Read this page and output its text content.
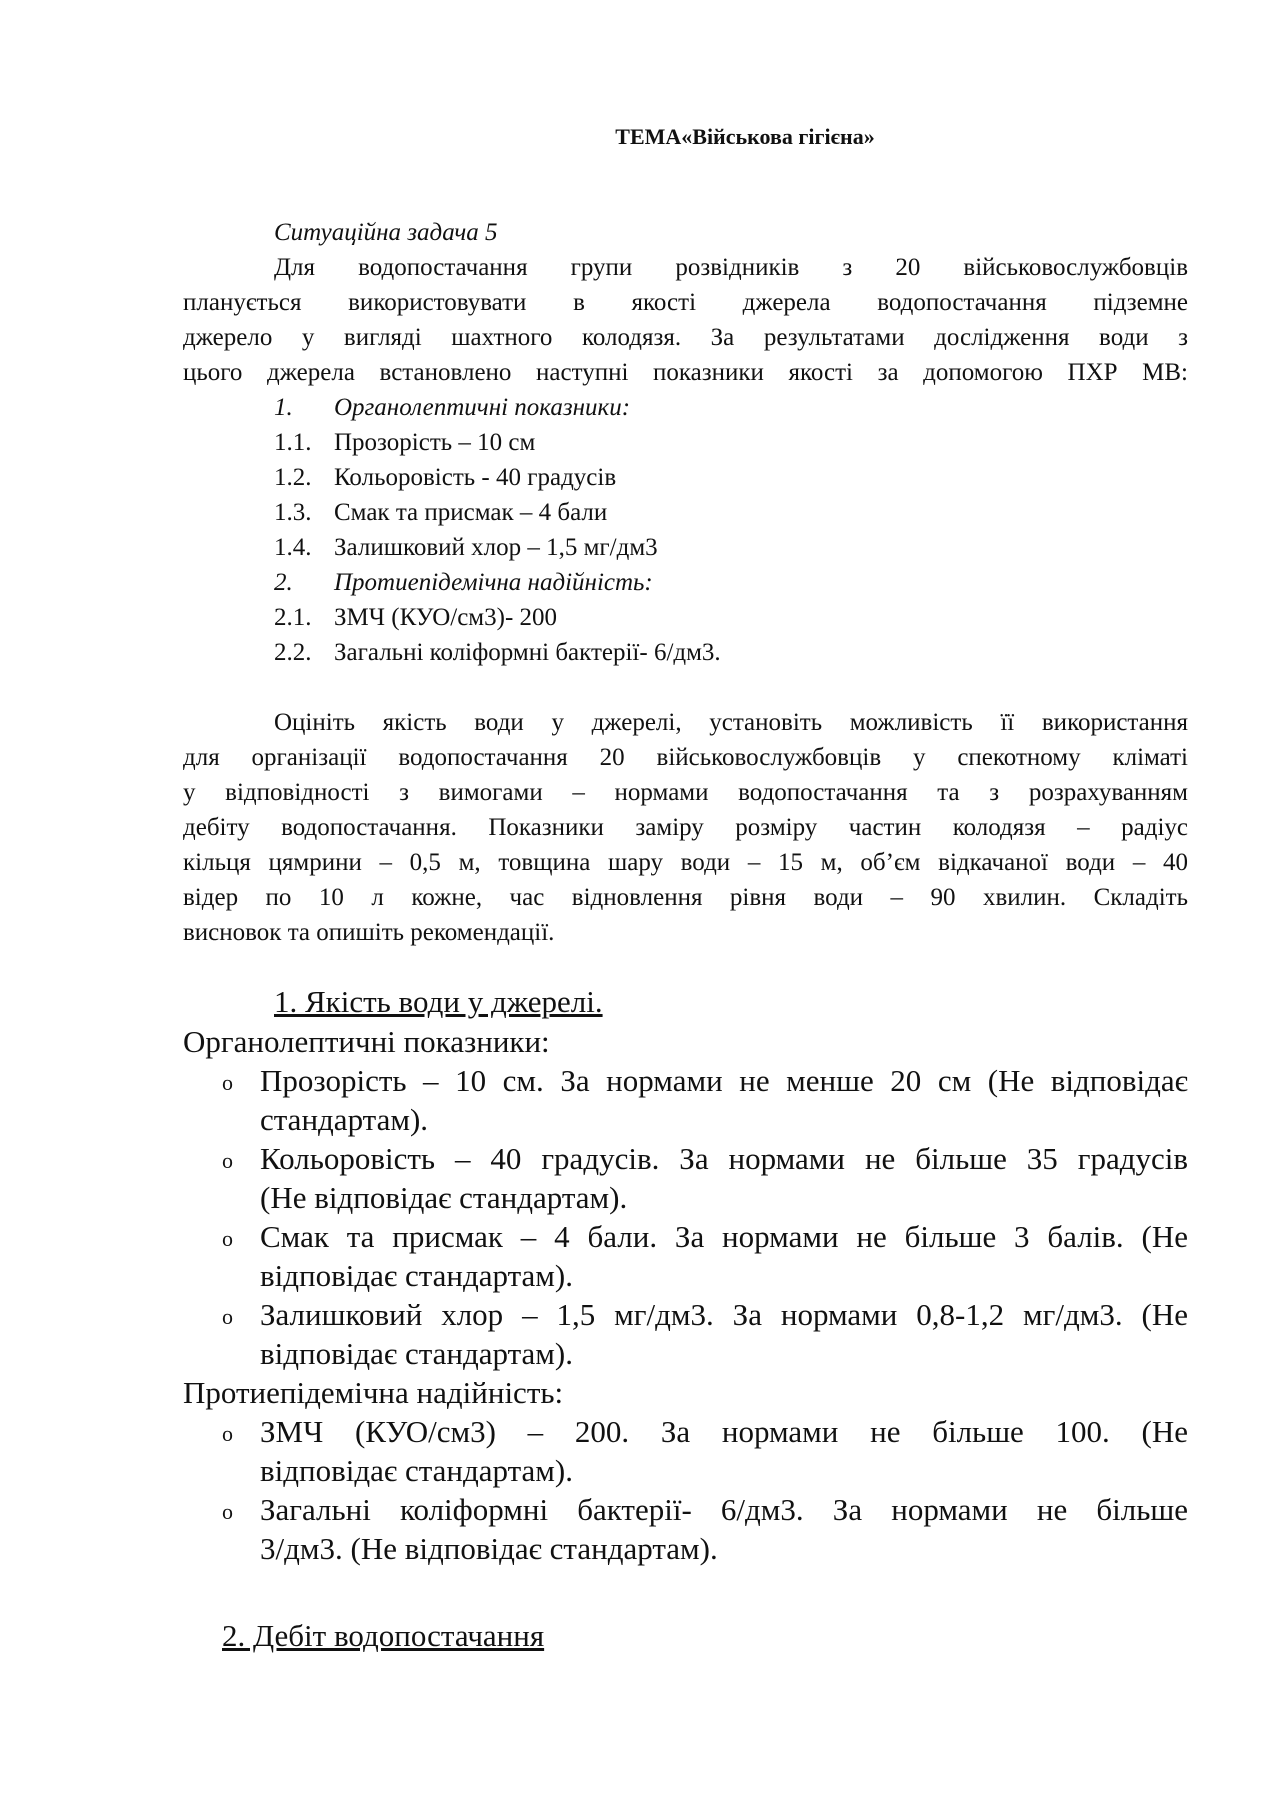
ТЕМА«Військова гігієна»
Ситуаційна задача 5
Для водопостачання групи розвідників з 20 військовослужбовців
планується використовувати в якості джерела водопостачання підземне
джерело у вигляді шахтного колодязя. За результатами дослідження води з
цього джерела встановлено наступні показники якості за допомогою ПХР МВ:
1.	Органолептичні показники:
1.1. Прозорість – 10 см
1.2. Кольоровість - 40 градусів
1.3. Смак та присмак – 4 бали
1.4. Залишковий хлор – 1,5 мг/дм3
2.	Протиепідемічна надійність:
2.1. ЗМЧ (КУО/см3)- 200
2.2. Загальні коліформні бактерії- 6/дм3.
Оцініть якість води у джерелі, установіть можливість її використання
для організації водопостачання 20 військовослужбовців у спекотному кліматі
у відповідності з вимогами – нормами водопостачання та з розрахуванням
дебіту водопостачання. Показники заміру розміру частин колодязя – радіус
кільця цямрини – 0,5 м, товщина шару води – 15 м, об’єм відкачаної води – 40
відер по 10 л кожне, час відновлення рівня води – 90 хвилин. Складіть
висновок та опишіть рекомендації.
1. Якість води у джерелі.
Органолептичні показники:
o Прозорість – 10 см. За нормами не менше 20 см (Не відповідає
стандартам).
o Кольоровість – 40 градусів. За нормами не більше 35 градусів
(Не відповідає стандартам).
o Смак та присмак – 4 бали. За нормами не більше 3 балів. (Не
відповідає стандартам).
o Залишковий хлор – 1,5 мг/дм3. За нормами 0,8-1,2 мг/дм3. (Не
відповідає стандартам).
Протиепідемічна надійність:
o ЗМЧ (КУО/см3) – 200. За нормами не більше 100. (Не
відповідає стандартам).
o Загальні коліформні бактерії- 6/дм3. За нормами не більше
3/дм3. (Не відповідає стандартам).
2. Дебіт водопостачання
